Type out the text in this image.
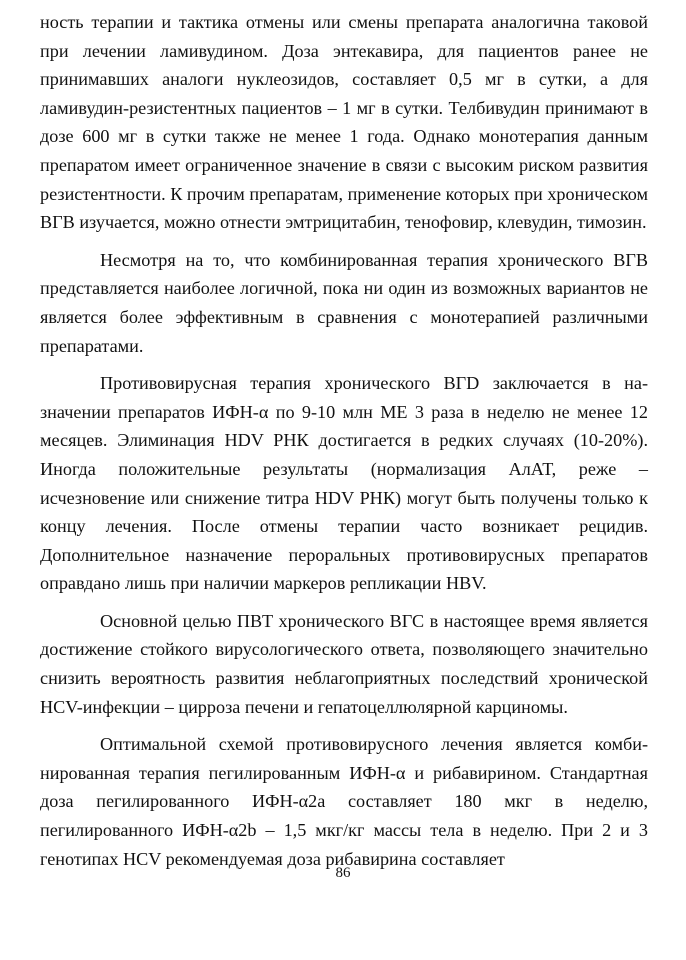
ность терапии и тактика отмены или смены препарата аналогична таковой при лечении ламивудином. Доза энтекавира, для пациентов ранее не принимавших аналоги нуклеозидов, составляет 0,5 мг в сутки, а для ламивудин-резистентных пациентов – 1 мг в сутки. Телбивудин принимают в дозе 600 мг в сутки также не менее 1 года. Однако монотерапия данным препаратом имеет ограниченное значение в связи с высоким риском развития резистентности. К прочим препаратам, применение которых при хроническом ВГВ изучается, можно отнести эмтрицитабин, тенофовир, клевудин, тимозин.

Несмотря на то, что комбинированная терапия хронического ВГВ представляется наиболее логичной, пока ни один из возможных вариантов не является более эффективным в сравнения с монотерапией различными препаратами.

Противовирусная терапия хронического ВГD заключается в назначении препаратов ИФН-α по 9-10 млн МЕ 3 раза в неделю не менее 12 месяцев. Элиминация HDV РНК достигается в редких случаях (10-20%). Иногда положительные результаты (нормализация АлАТ, реже – исчезновение или снижение титра HDV РНК) могут быть получены только к концу лечения. После отмены терапии часто возникает рецидив. Дополнительное назначение пероральных противовирусных препаратов оправдано лишь при наличии маркеров репликации HBV.

Основной целью ПВТ хронического ВГС в настоящее время является достижение стойкого вирусологического ответа, позволяющего значительно снизить вероятность развития неблагоприятных последствий хронической HCV-инфекции – цирроза печени и гепатоцеллюлярной карциномы.

Оптимальной схемой противовирусного лечения является комбинированная терапия пегилированным ИФН-α и рибавирином. Стандартная доза пегилированного ИФН-α2а составляет 180 мкг в неделю, пегилированного ИФН-α2b – 1,5 мкг/кг массы тела в неделю. При 2 и 3 генотипах HCV рекомендуемая доза рибавирина составляет

86
